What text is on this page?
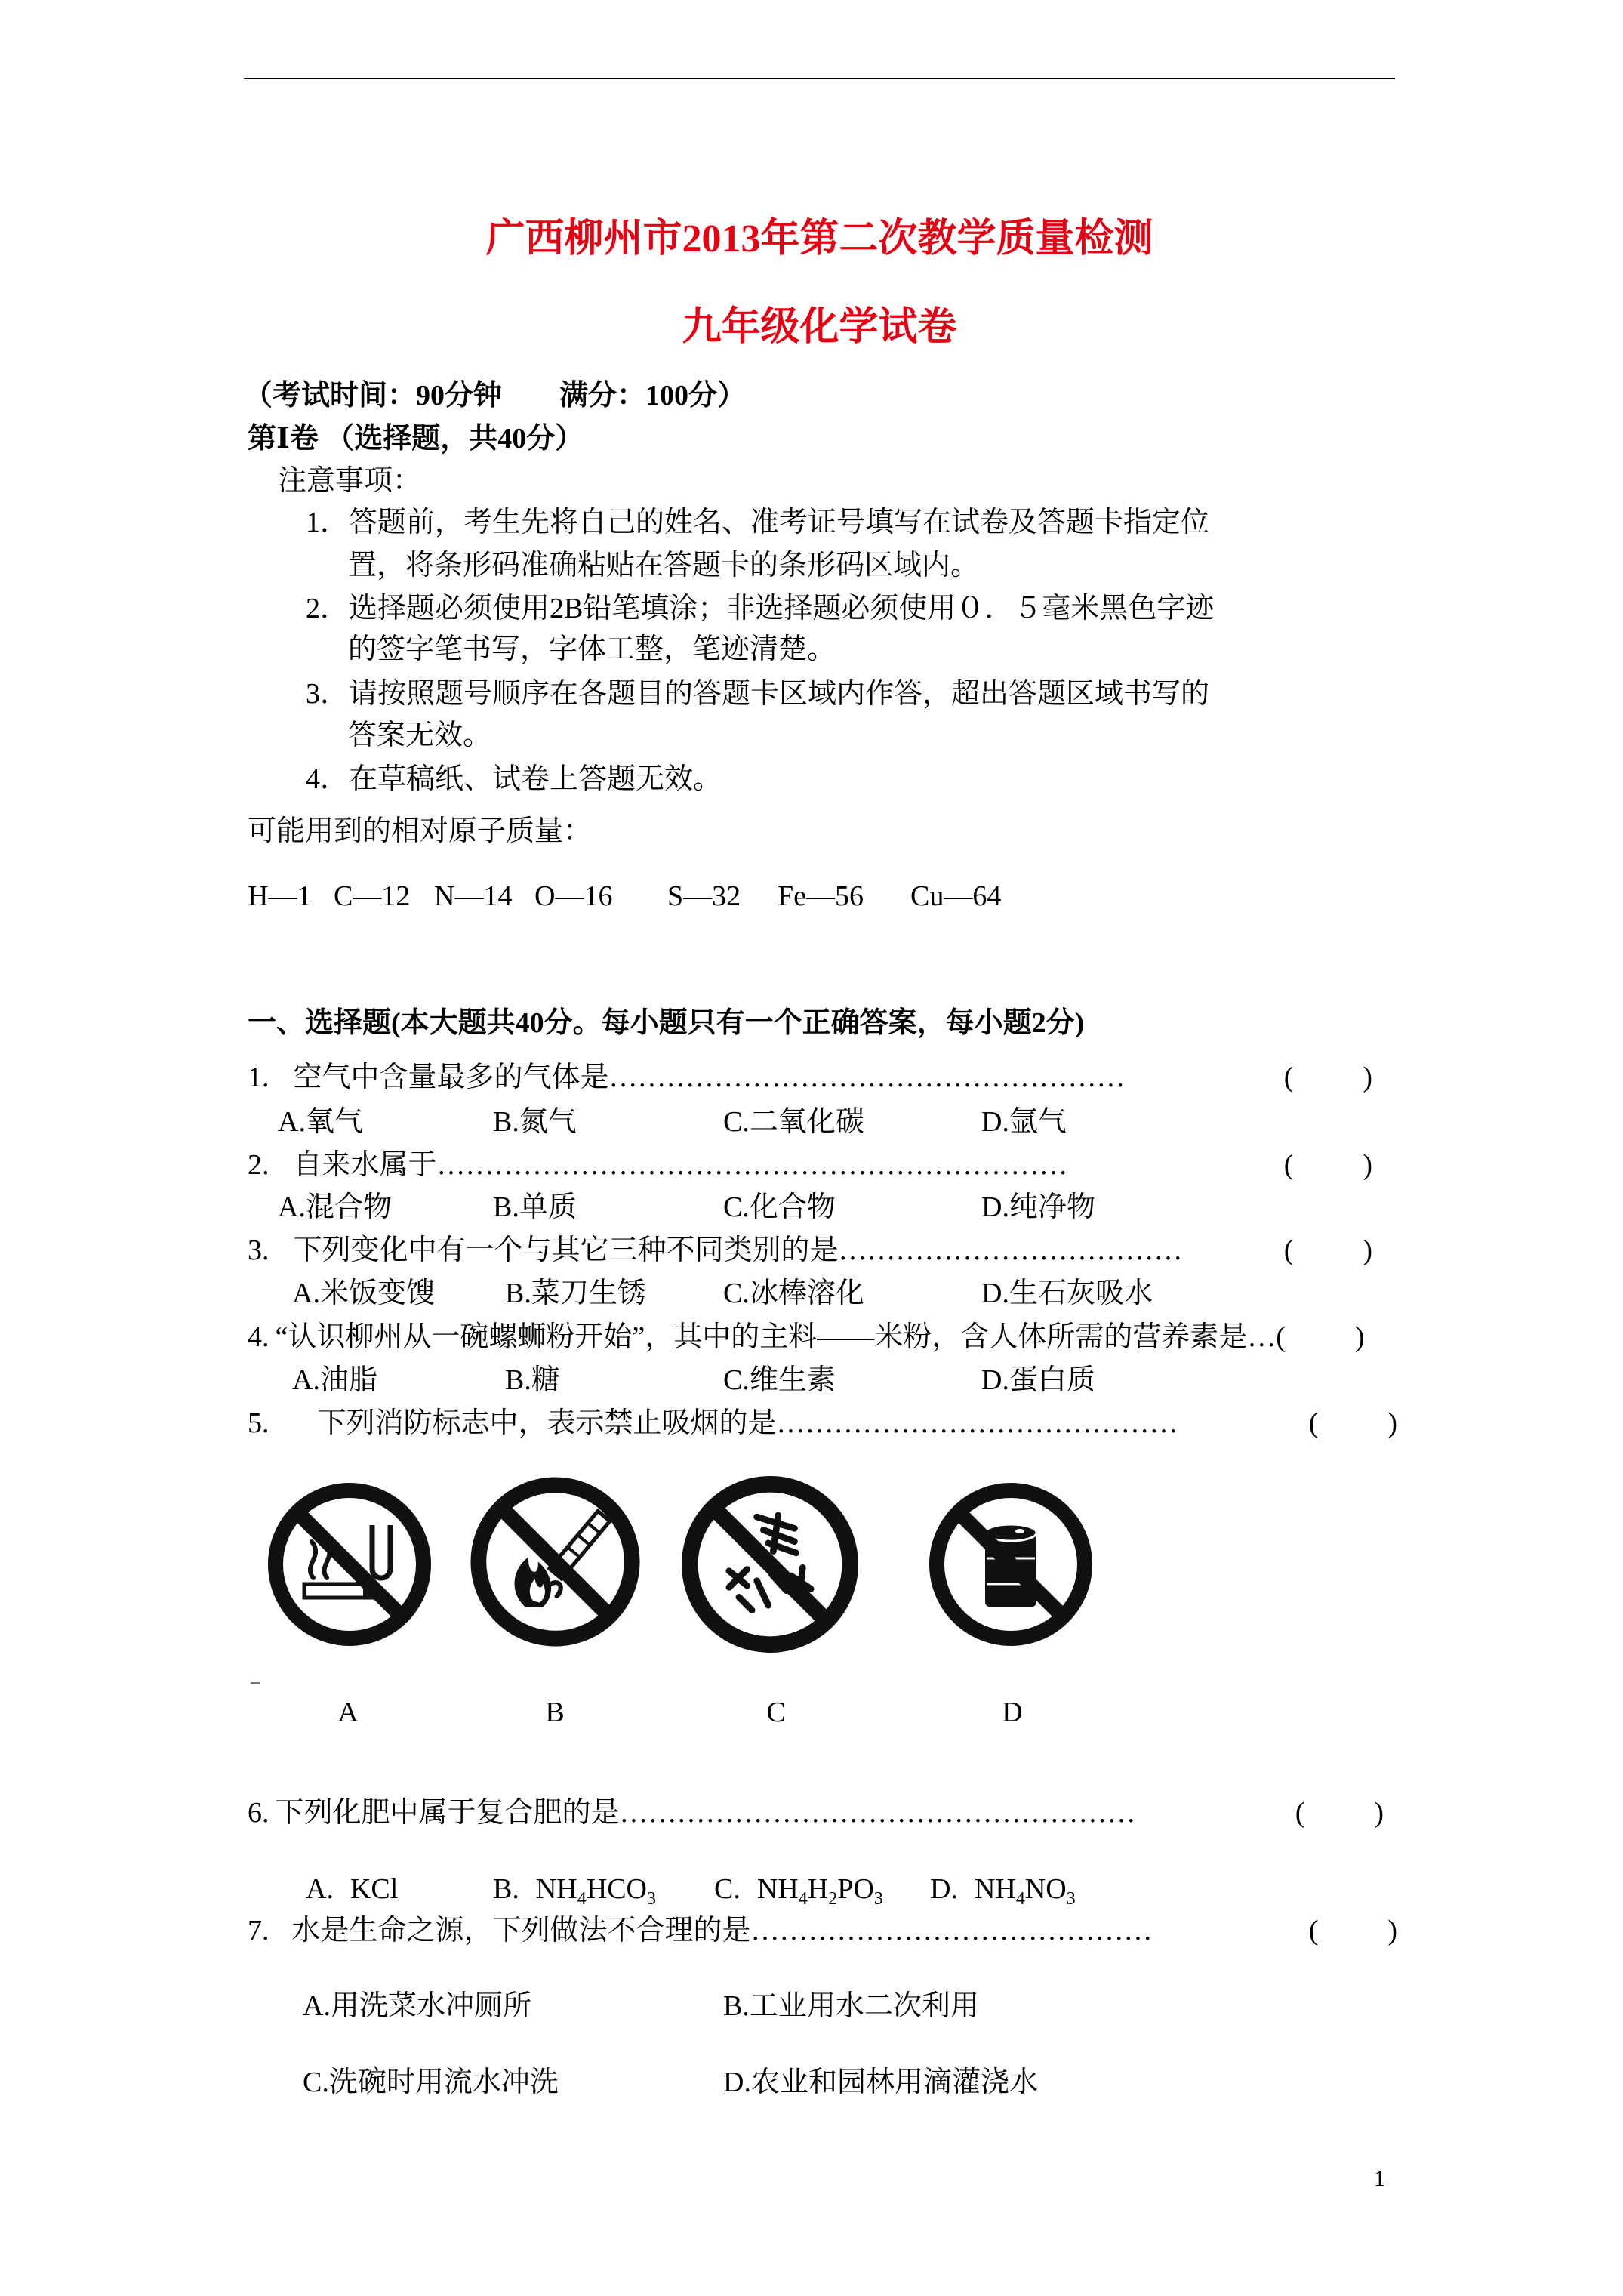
广西柳州市2013年第二次教学质量检测
九年级化学试卷
（考试时间：90分钟　　满分：100分）
第Ⅰ卷 （选择题，共40分）
注意事项：
1．答题前，考生先将自己的姓名、准考证号填写在试卷及答题卡指定位
置，将条形码准确粘贴在答题卡的条形码区域内。
2．选择题必须使用2B铅笔填涂；非选择题必须使用０．５毫米黑色字迹
的签字笔书写，字体工整，笔迹清楚。
3．请按照题号顺序在各题目的答题卡区域内作答，超出答题区域书写的
答案无效。
4．在草稿纸、试卷上答题无效。
可能用到的相对原子质量：
H—1 C—12 N—14 O—16 S—32 Fe—56 Cu—64
一、选择题(本大题共40分。每小题只有一个正确答案，每小题2分)
1. 空气中含量最多的气体是 ………………………………………………	( )
A.氧气	B.氮气	C.二氧化碳	D.氩气
2. 自来水属于 …………………………………………………………	( )
A.混合物	B.单质	C.化合物	D.纯净物
3. 下列变化中有一个与其它三种不同类别的是 ………………………………	( )
A.米饭变馊 B.菜刀生锈	C.冰棒溶化	D.生石灰吸水
4. “认识柳州从一碗螺蛳粉开始”，其中的主料——米粉，含人体所需的营养素是 … ( )
A.油脂	B.糖	C.维生素	D.蛋白质
5. 下列消防标志中，表示禁止吸烟的是 ……………………………………	( )
A	B	C	D
6. 下列化肥中属于复合肥的是 ………………………………………………	( )
A. KCl	B. $NH_4HCO_3$ C. $NH_4H_2PO_3$ D. $NH_4NO_3$
7. 水是生命之源，下列做法不合理的是 ……………………………………	( )
A.用洗菜水冲厕所	B.工业用水二次利用
C.洗碗时用流水冲洗	D.农业和园林用滴灌浇水
1
